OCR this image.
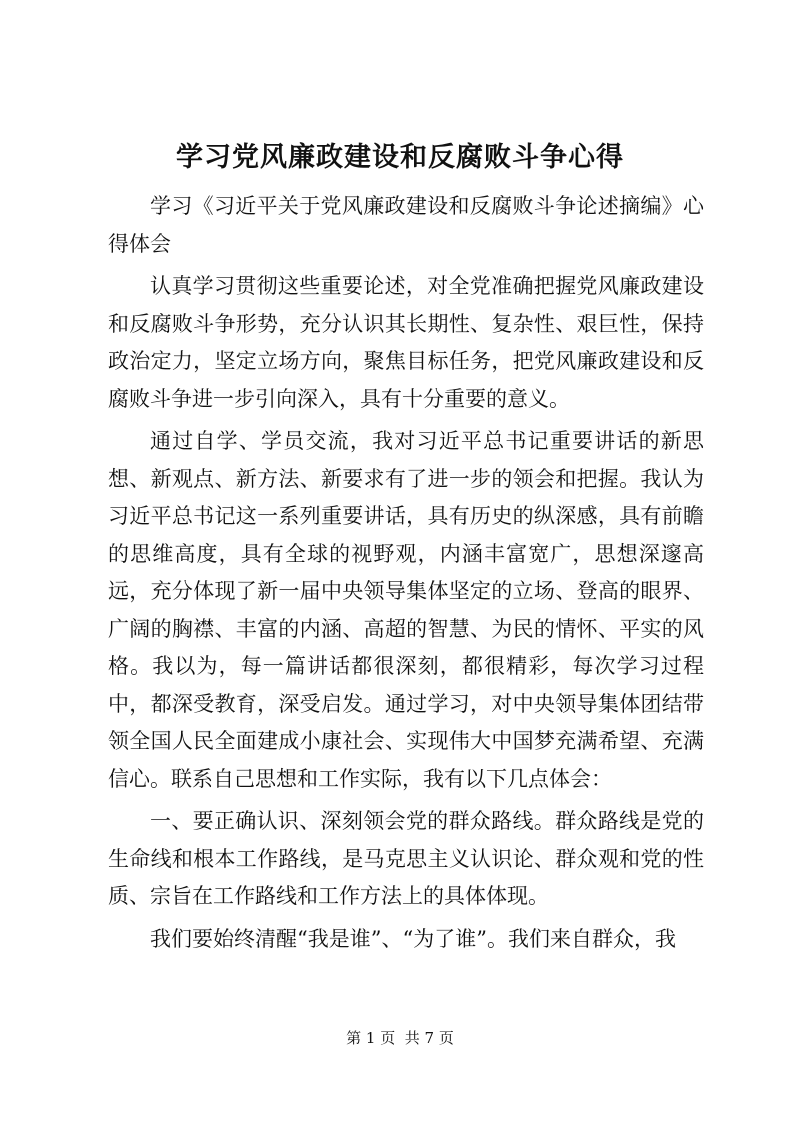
学习党风廉政建设和反腐败斗争心得

学习《习近平关于党风廉政建设和反腐败斗争论述摘编》心得体会

认真学习贯彻这些重要论述，对全党准确把握党风廉政建设和反腐败斗争形势，充分认识其长期性、复杂性、艰巨性，保持政治定力，坚定立场方向，聚焦目标任务，把党风廉政建设和反腐败斗争进一步引向深入，具有十分重要的意义。

通过自学、学员交流，我对习近平总书记重要讲话的新思想、新观点、新方法、新要求有了进一步的领会和把握。我认为习近平总书记这一系列重要讲话，具有历史的纵深感，具有前瞻的思维高度，具有全球的视野观，内涵丰富宽广，思想深邃高远，充分体现了新一届中央领导集体坚定的立场、登高的眼界、广阔的胸襟、丰富的内涵、高超的智慧、为民的情怀、平实的风格。我以为，每一篇讲话都很深刻，都很精彩，每次学习过程中，都深受教育，深受启发。通过学习，对中央领导集体团结带领全国人民全面建成小康社会、实现伟大中国梦充满希望、充满信心。联系自己思想和工作实际，我有以下几点体会：

一、要正确认识、深刻领会党的群众路线。群众路线是党的生命线和根本工作路线，是马克思主义认识论、群众观和党的性质、宗旨在工作路线和工作方法上的具体体现。

我们要始终清醒“我是谁”、“为了谁”。我们来自群众，我

第 1 页  共 7 页
